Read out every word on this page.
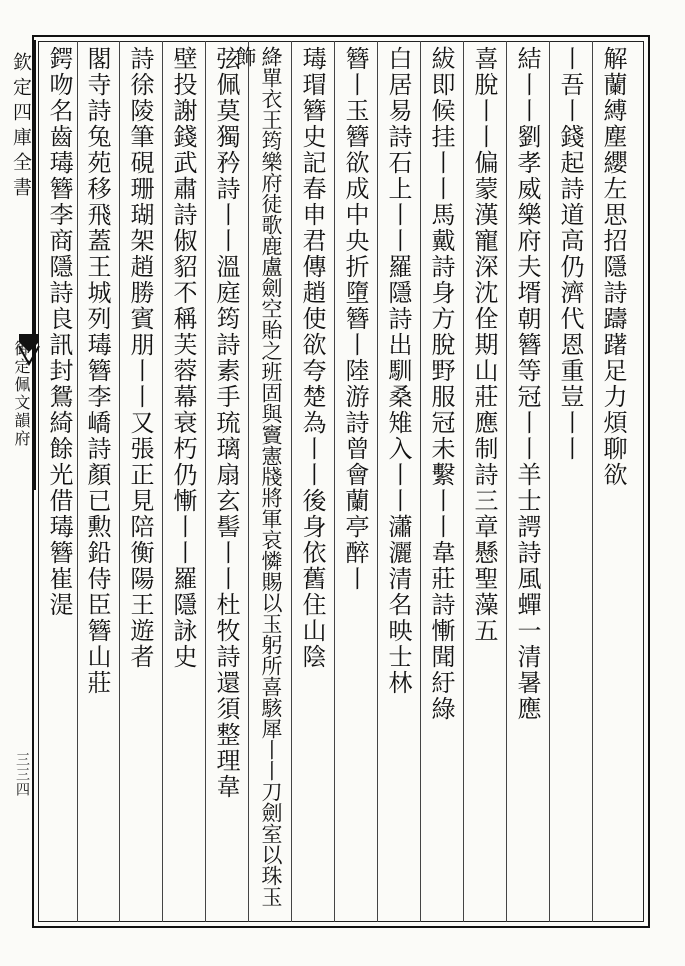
欽定四庫全書
御定佩文韻府
三三四
解蘭縛塵纓左思招隱詩躊躇足力煩聊欲
丨吾丨錢起詩道高仍濟代恩重豈丨丨
結丨丨劉孝威樂府夫壻朝簪等冠丨丨羊士諤詩風蟬一清暑應
喜脫丨丨偏蒙漢寵深沈佺期山莊應制詩三章懸聖藻五
紱即候挂丨丨馬戴詩身方脫野服冠未繫丨丨韋莊詩慚聞紆綠
白居易詩石上丨丨羅隱詩出馴桑雉入丨丨瀟灑清名映士林
簪丨玉簪欲成中央折墮簪丨陸游詩曾會蘭亭醉丨
瑇瑁簪史記春申君傳趙使欲夸楚為丨丨後身依舊住山陰
絳單衣王筠樂府徒歌鹿盧劍空貽之班固與竇憲牋將軍哀憐賜以玉躬所喜駭犀丨丨刀劍室以珠玉飾
弦佩莫獨矜詩丨丨溫庭筠詩素手琉璃扇玄髻丨丨杜牧詩還須整理韋
壁投謝錢武肅詩俶貂不稱芙蓉幕衰朽仍慚丨丨羅隱詠史
詩徐陵筆硯珊瑚架趙勝賓朋丨丨又張正見陪衡陽王遊者
閣寺詩兔苑移飛蓋王城列瑇簪李嶠詩顏已勲鉛侍臣簪山莊
鍔吻名齒瑇簪李商隱詩良訊封鴛綺餘光借瑇簪崔湜
